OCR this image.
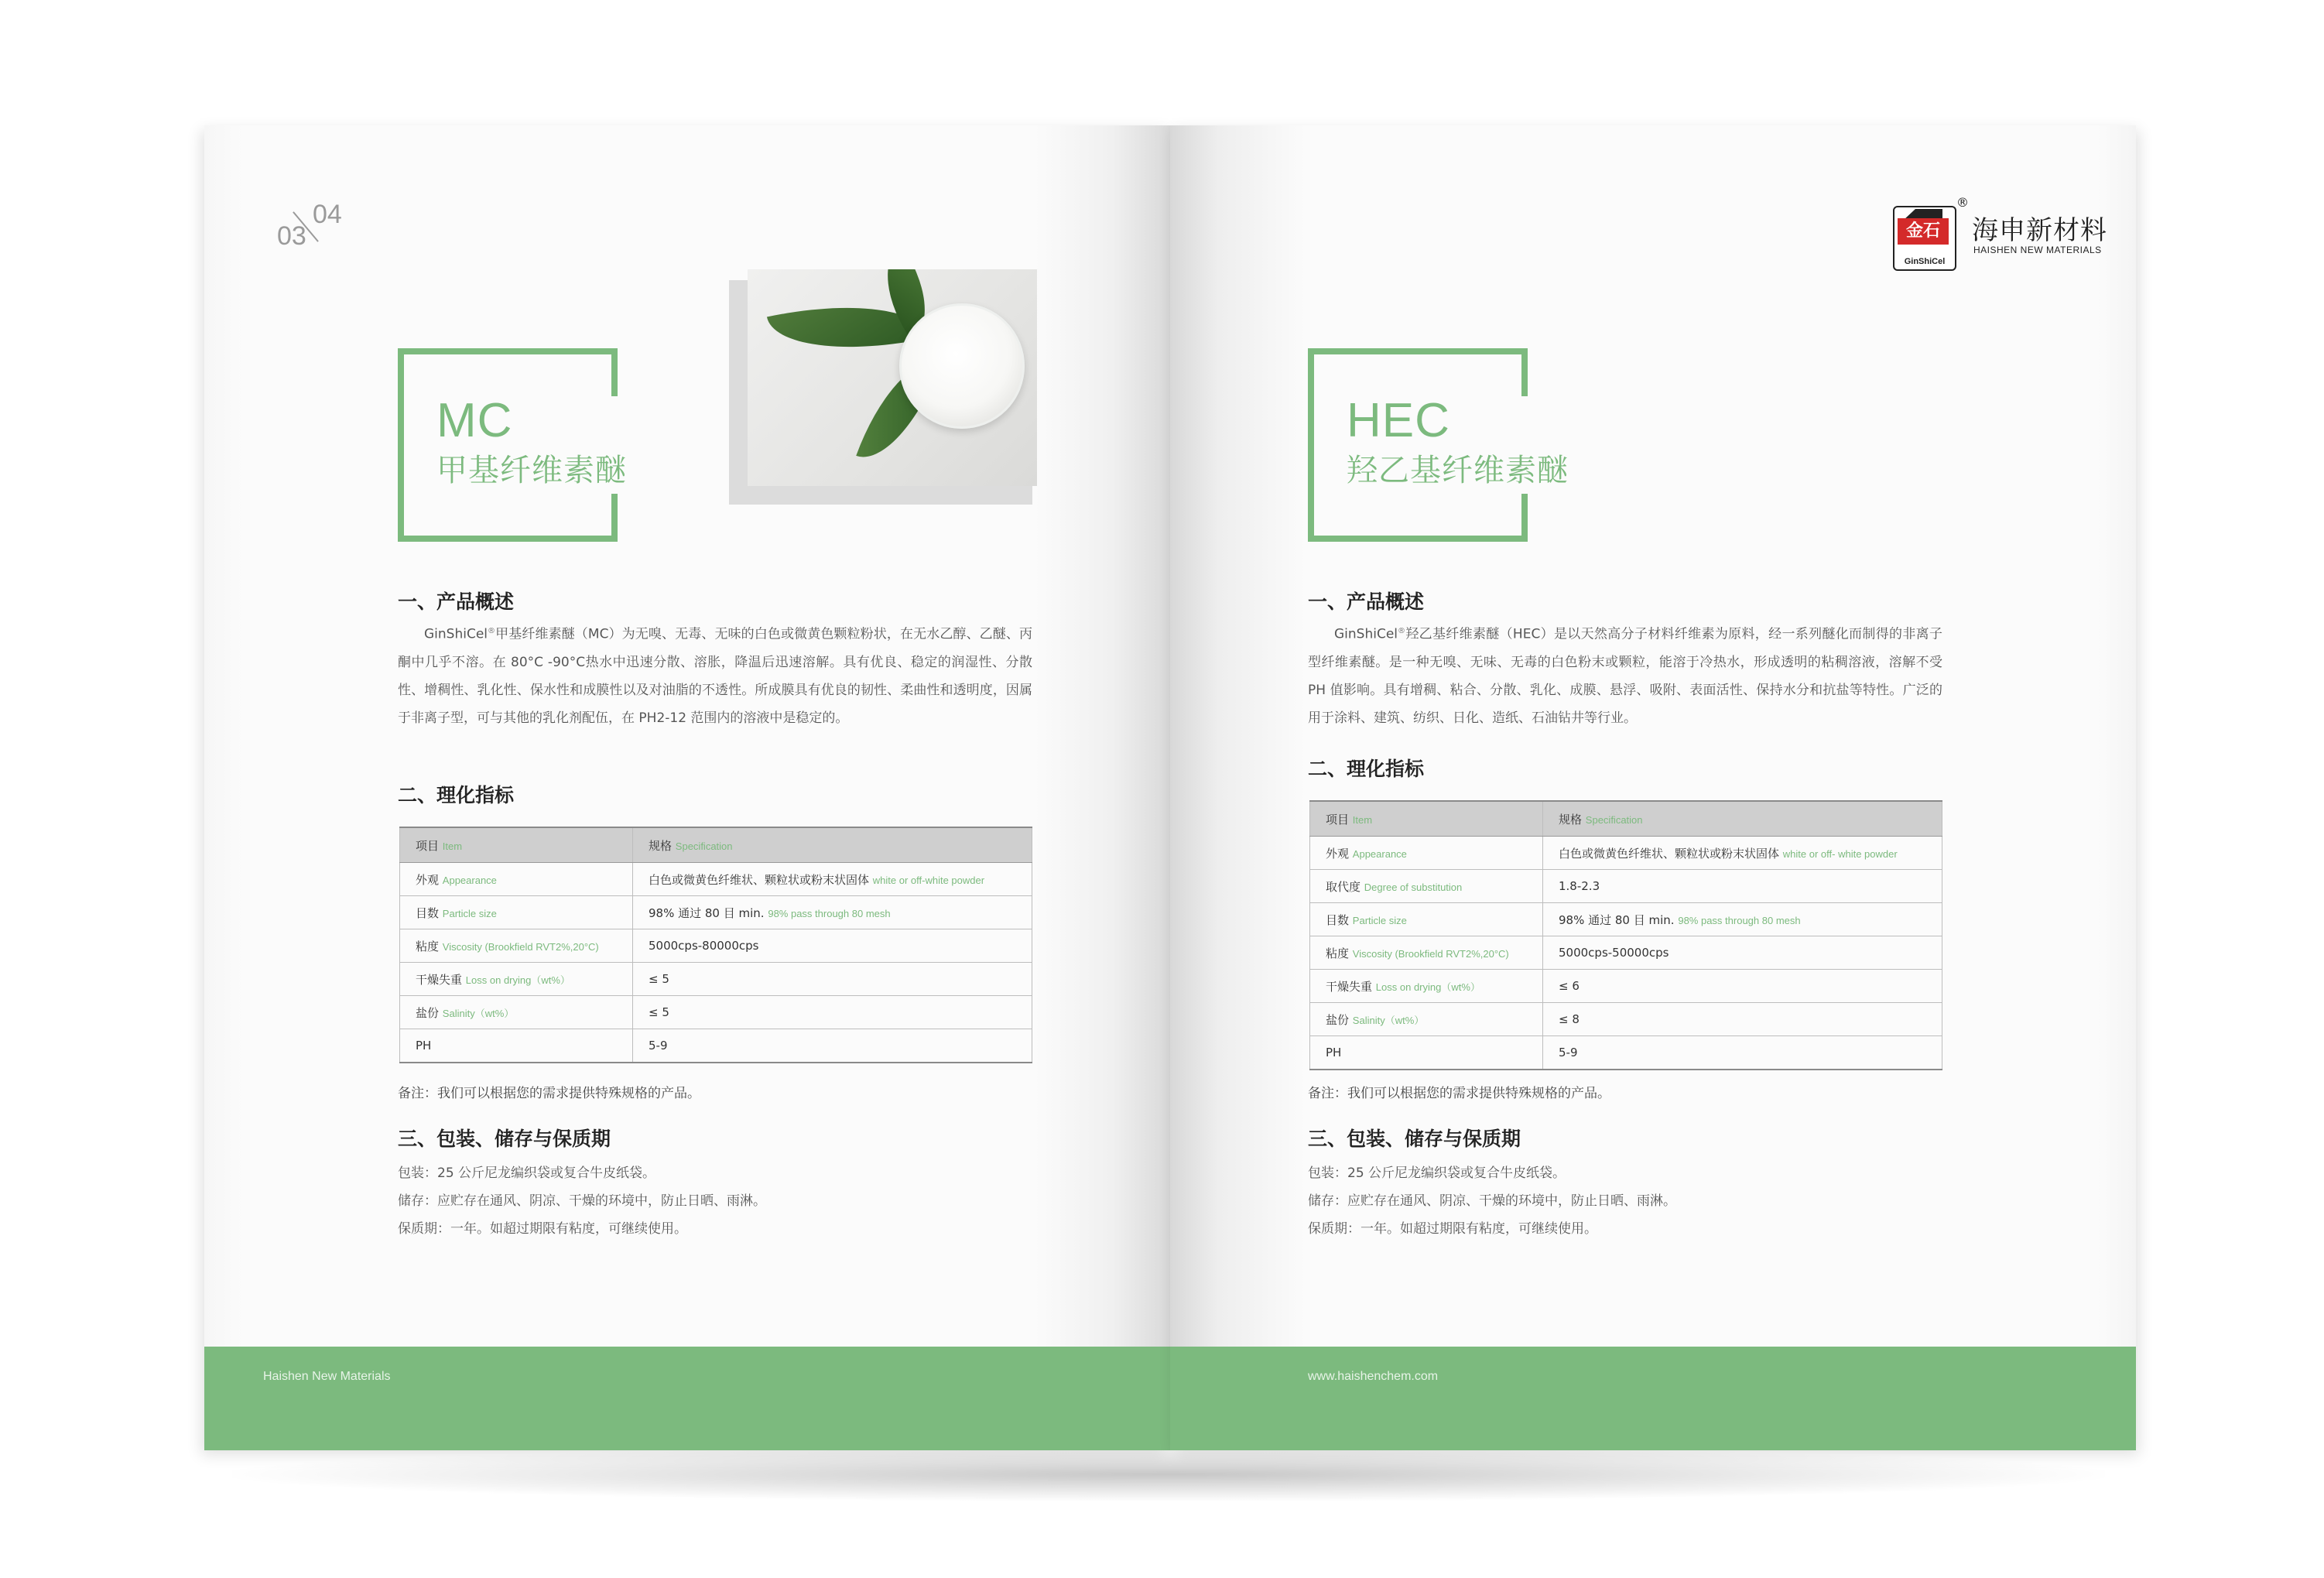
03
04
MC
甲基纤维素醚
一、产品概述
GinShiCel®甲基纤维素醚（MC）为无嗅、无毒、无味的白色或微黄色颗粒粉状，在无水乙醇、乙醚、丙酮中几乎不溶。在 80°C -90°C热水中迅速分散、溶胀，降温后迅速溶解。具有优良、稳定的润湿性、分散性、增稠性、乳化性、保水性和成膜性以及对油脂的不透性。所成膜具有优良的韧性、柔曲性和透明度，因属于非离子型，可与其他的乳化剂配伍，在 PH2-12 范围内的溶液中是稳定的。
二、理化指标
项目 Item	规格 Specification
外观 Appearance	白色或微黄色纤维状、颗粒状或粉末状固体 white or off-white powder
目数 Particle size	98% 通过 80 目 min. 98% pass through 80 mesh
粘度 Viscosity (Brookfield RVT2%,20°C)	5000cps-80000cps
干燥失重 Loss on drying（wt%）	≤ 5
盐份 Salinity（wt%）	≤ 5
PH	5-9
备注：我们可以根据您的需求提供特殊规格的产品。
三、包装、储存与保质期
包装：25 公斤尼龙编织袋或复合牛皮纸袋。
储存：应贮存在通风、阴凉、干燥的环境中，防止日晒、雨淋。
保质期：一年。如超过期限有粘度，可继续使用。
Haishen New Materials
金石
GinShiCel
®
海申新材料
HAISHEN NEW MATERIALS
HEC
羟乙基纤维素醚
一、产品概述
GinShiCel®羟乙基纤维素醚（HEC）是以天然高分子材料纤维素为原料，经一系列醚化而制得的非离子型纤维素醚。是一种无嗅、无味、无毒的白色粉末或颗粒，能溶于冷热水，形成透明的粘稠溶液，溶解不受 PH 值影响。具有增稠、粘合、分散、乳化、成膜、悬浮、吸附、表面活性、保持水分和抗盐等特性。广泛的用于涂料、建筑、纺织、日化、造纸、石油钻井等行业。
二、理化指标
项目 Item	规格 Specification
外观 Appearance	白色或微黄色纤维状、颗粒状或粉末状固体 white or off- white powder
取代度 Degree of substitution	1.8-2.3
目数 Particle size	98% 通过 80 目 min. 98% pass through 80 mesh
粘度 Viscosity (Brookfield RVT2%,20°C)	5000cps-50000cps
干燥失重 Loss on drying（wt%）	≤ 6
盐份 Salinity（wt%）	≤ 8
PH	5-9
备注：我们可以根据您的需求提供特殊规格的产品。
三、包装、储存与保质期
包装：25 公斤尼龙编织袋或复合牛皮纸袋。
储存：应贮存在通风、阴凉、干燥的环境中，防止日晒、雨淋。
保质期：一年。如超过期限有粘度，可继续使用。
www.haishenchem.com
